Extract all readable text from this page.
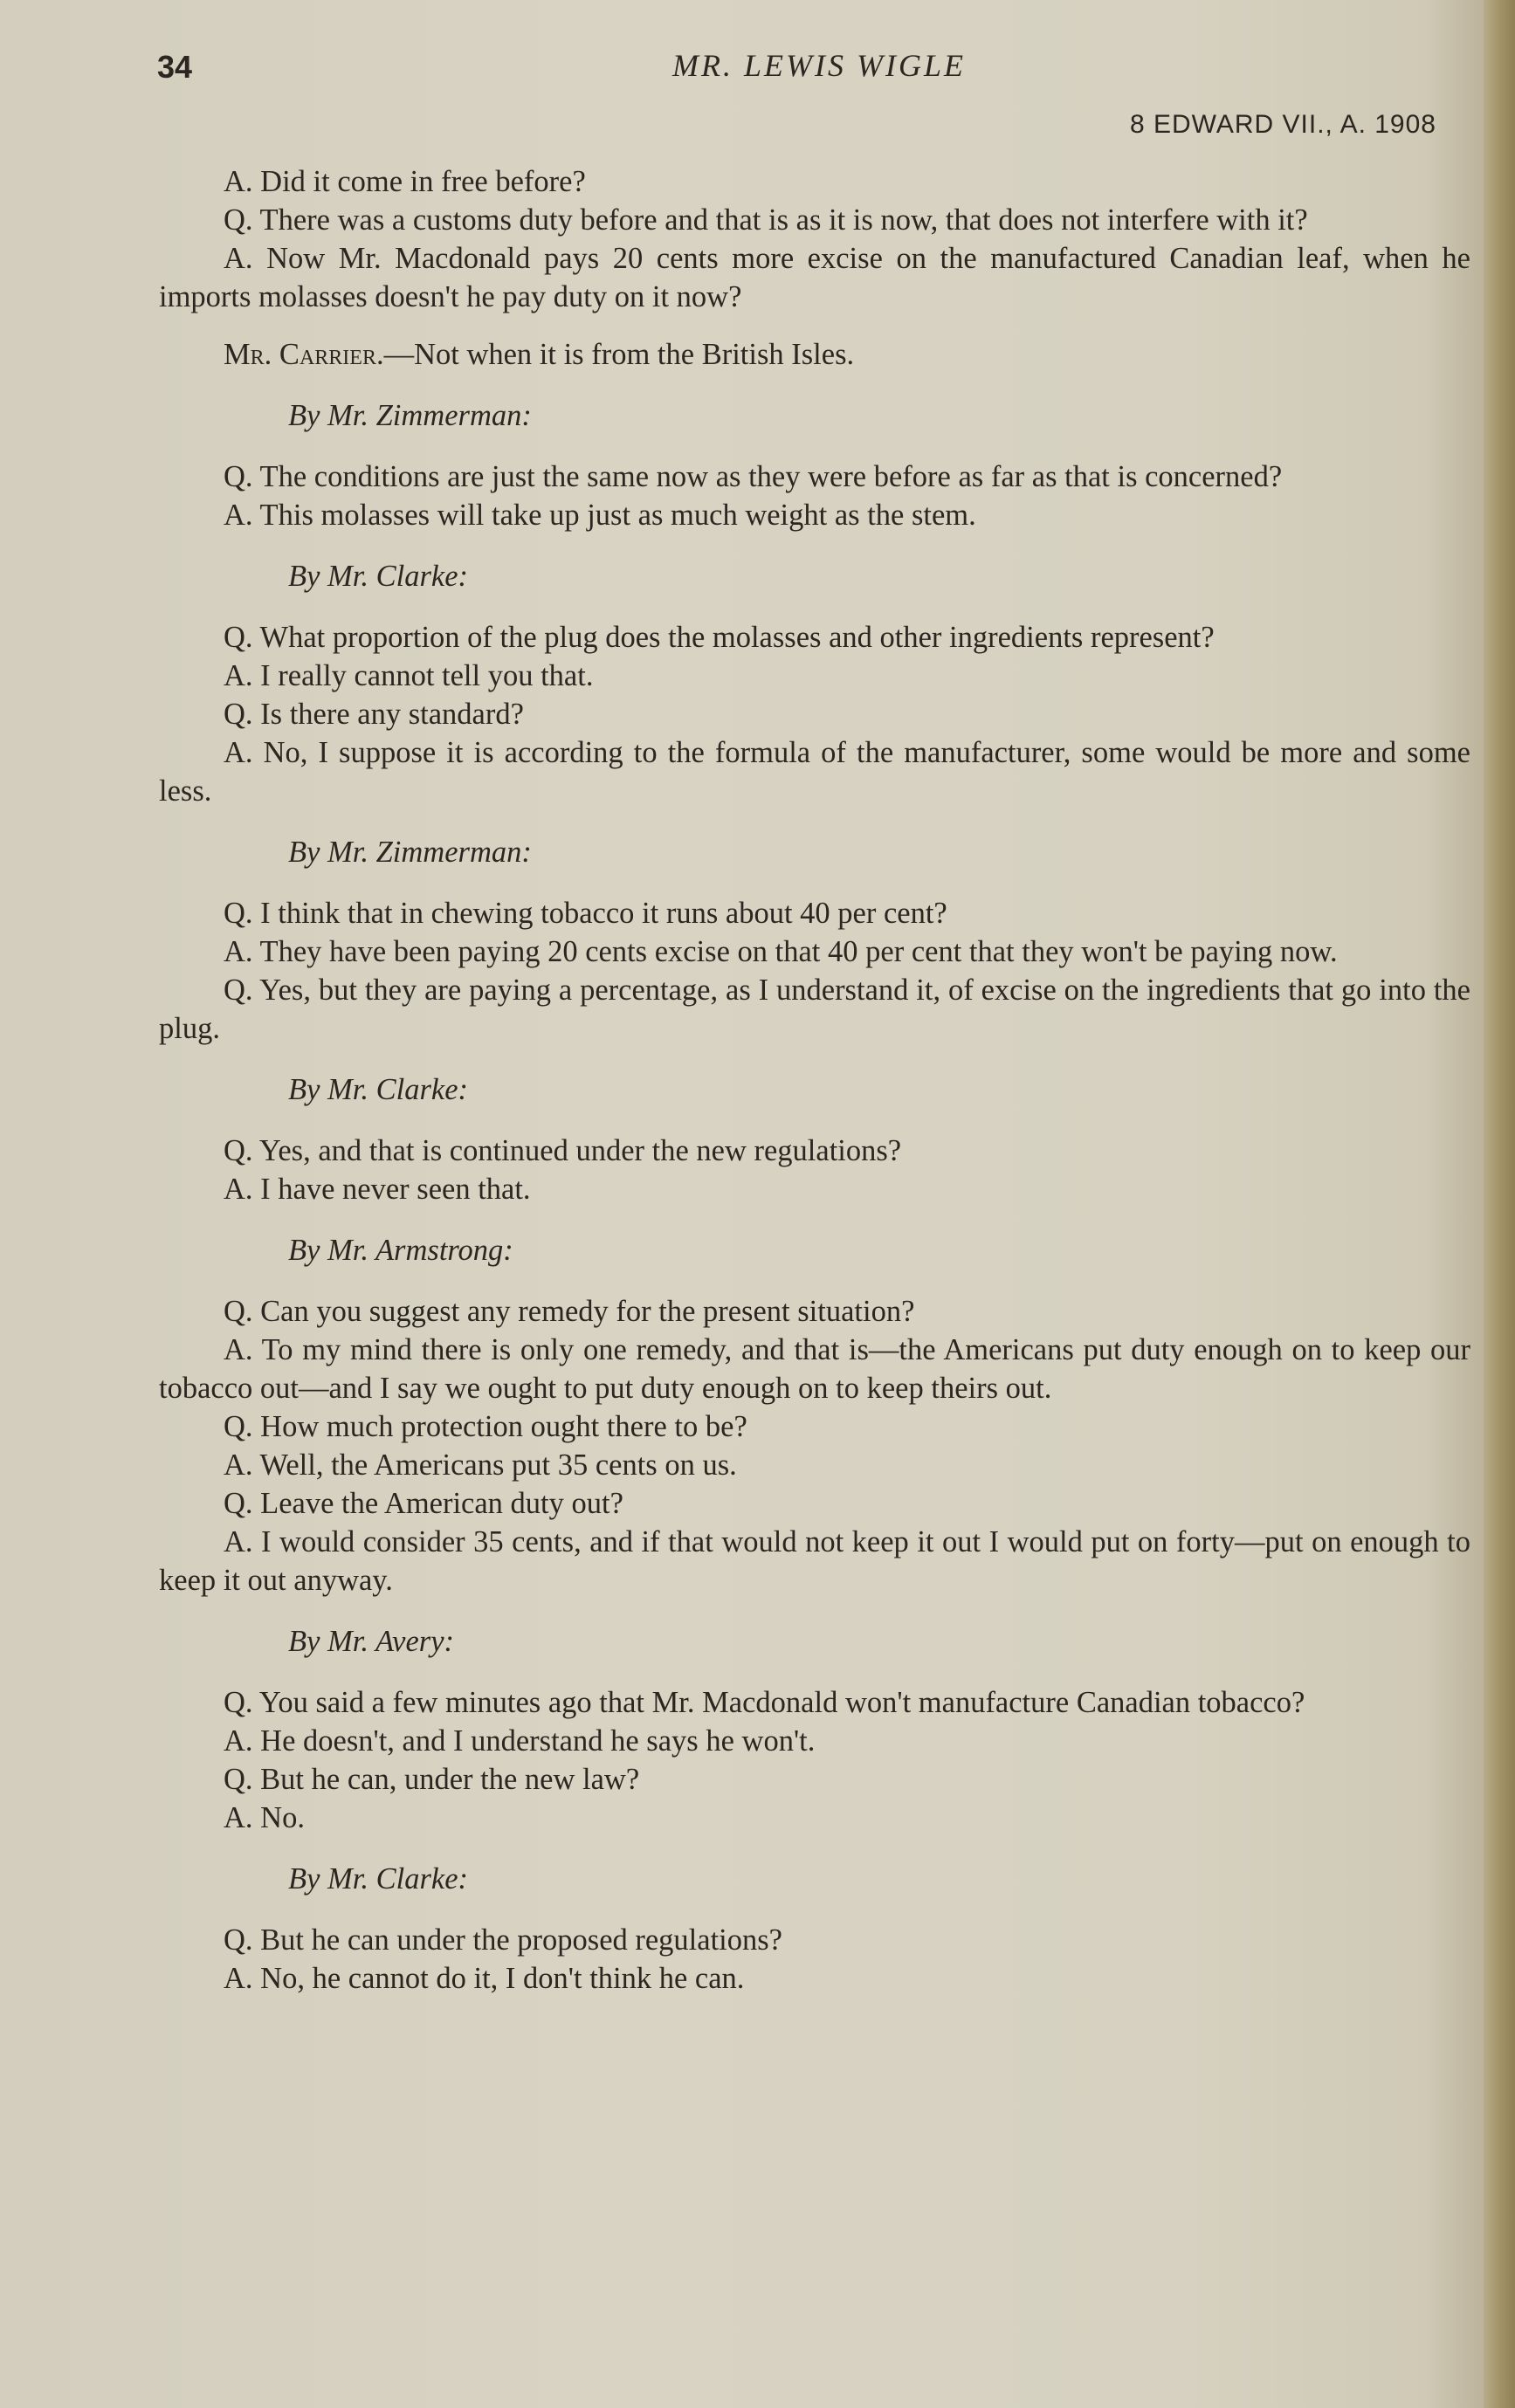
34	MR. LEWIS WIGLE
8 EDWARD VII., A. 1908

A. Did it come in free before?

Q. There was a customs duty before and that is as it is now, that does not interfere with it?

A. Now Mr. Macdonald pays 20 cents more excise on the manufactured Canadian leaf, when he imports molasses doesn't he pay duty on it now?

Mr. Carrier.—Not when it is from the British Isles.

By Mr. Zimmerman:

Q. The conditions are just the same now as they were before as far as that is concerned?

A. This molasses will take up just as much weight as the stem.

By Mr. Clarke:

Q. What proportion of the plug does the molasses and other ingredients represent?

A. I really cannot tell you that.

Q. Is there any standard?

A. No, I suppose it is according to the formula of the manufacturer, some would be more and some less.

By Mr. Zimmerman:

Q. I think that in chewing tobacco it runs about 40 per cent?

A. They have been paying 20 cents excise on that 40 per cent that they won't be paying now.

Q. Yes, but they are paying a percentage, as I understand it, of excise on the ingredients that go into the plug.

By Mr. Clarke:

Q. Yes, and that is continued under the new regulations?

A. I have never seen that.

By Mr. Armstrong:

Q. Can you suggest any remedy for the present situation?

A. To my mind there is only one remedy, and that is—the Americans put duty enough on to keep our tobacco out—and I say we ought to put duty enough on to keep theirs out.

Q. How much protection ought there to be?

A. Well, the Americans put 35 cents on us.

Q. Leave the American duty out?

A. I would consider 35 cents, and if that would not keep it out I would put on forty—put on enough to keep it out anyway.

By Mr. Avery:

Q. You said a few minutes ago that Mr. Macdonald won't manufacture Canadian tobacco?

A. He doesn't, and I understand he says he won't.

Q. But he can, under the new law?

A. No.

By Mr. Clarke:

Q. But he can under the proposed regulations?

A. No, he cannot do it, I don't think he can.
